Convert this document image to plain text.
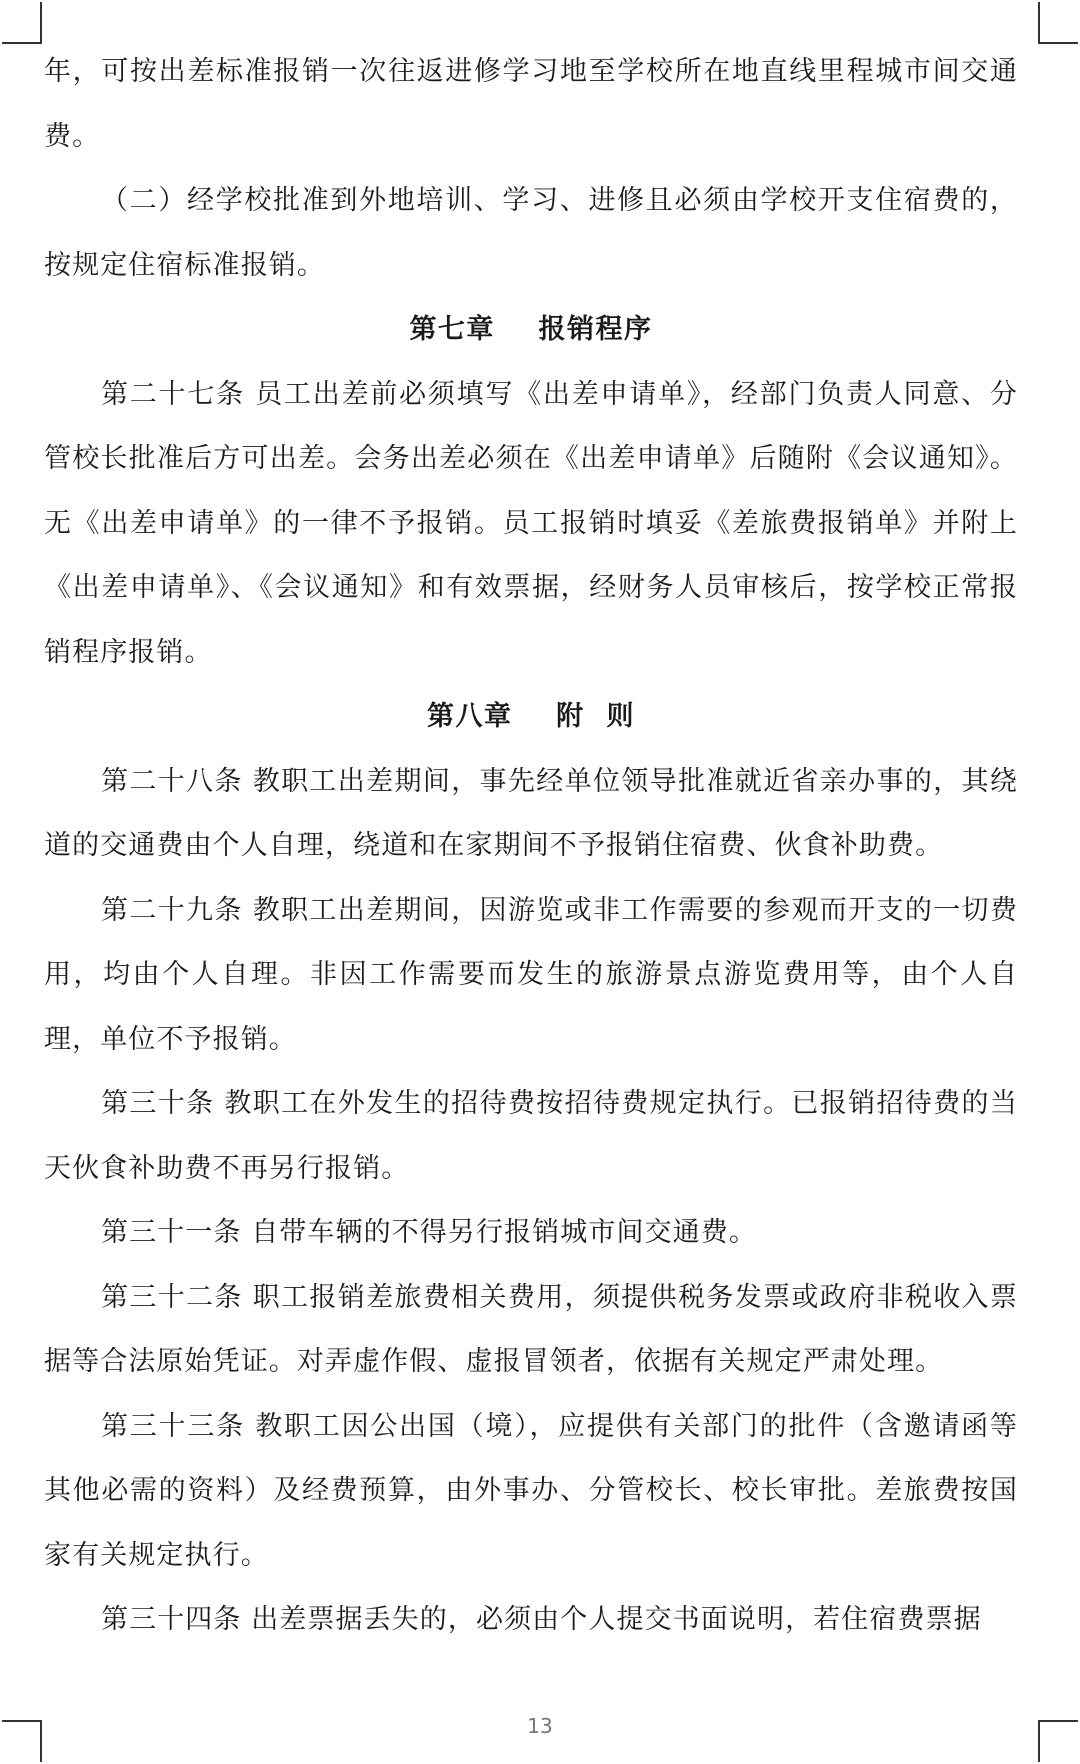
年，可按出差标准报销一次往返进修学习地至学校所在地直线里程城市间交通费。

（二）经学校批准到外地培训、学习、进修且必须由学校开支住宿费的，按规定住宿标准报销。

第七章    报销程序

第二十七条 员工出差前必须填写《出差申请单》，经部门负责人同意、分管校长批准后方可出差。会务出差必须在《出差申请单》后随附《会议通知》。无《出差申请单》的一律不予报销。员工报销时填妥《差旅费报销单》并附上《出差申请单》、《会议通知》和有效票据，经财务人员审核后，按学校正常报销程序报销。

第八章    附  则

第二十八条 教职工出差期间，事先经单位领导批准就近省亲办事的，其绕道的交通费由个人自理，绕道和在家期间不予报销住宿费、伙食补助费。

第二十九条 教职工出差期间，因游览或非工作需要的参观而开支的一切费用，均由个人自理。非因工作需要而发生的旅游景点游览费用等，由个人自理，单位不予报销。

第三十条 教职工在外发生的招待费按招待费规定执行。已报销招待费的当天伙食补助费不再另行报销。

第三十一条 自带车辆的不得另行报销城市间交通费。

第三十二条 职工报销差旅费相关费用，须提供税务发票或政府非税收入票据等合法原始凭证。对弄虚作假、虚报冒领者，依据有关规定严肃处理。

第三十三条 教职工因公出国（境），应提供有关部门的批件（含邀请函等其他必需的资料）及经费预算，由外事办、分管校长、校长审批。差旅费按国家有关规定执行。

第三十四条 出差票据丢失的，必须由个人提交书面说明，若住宿费票据

13
